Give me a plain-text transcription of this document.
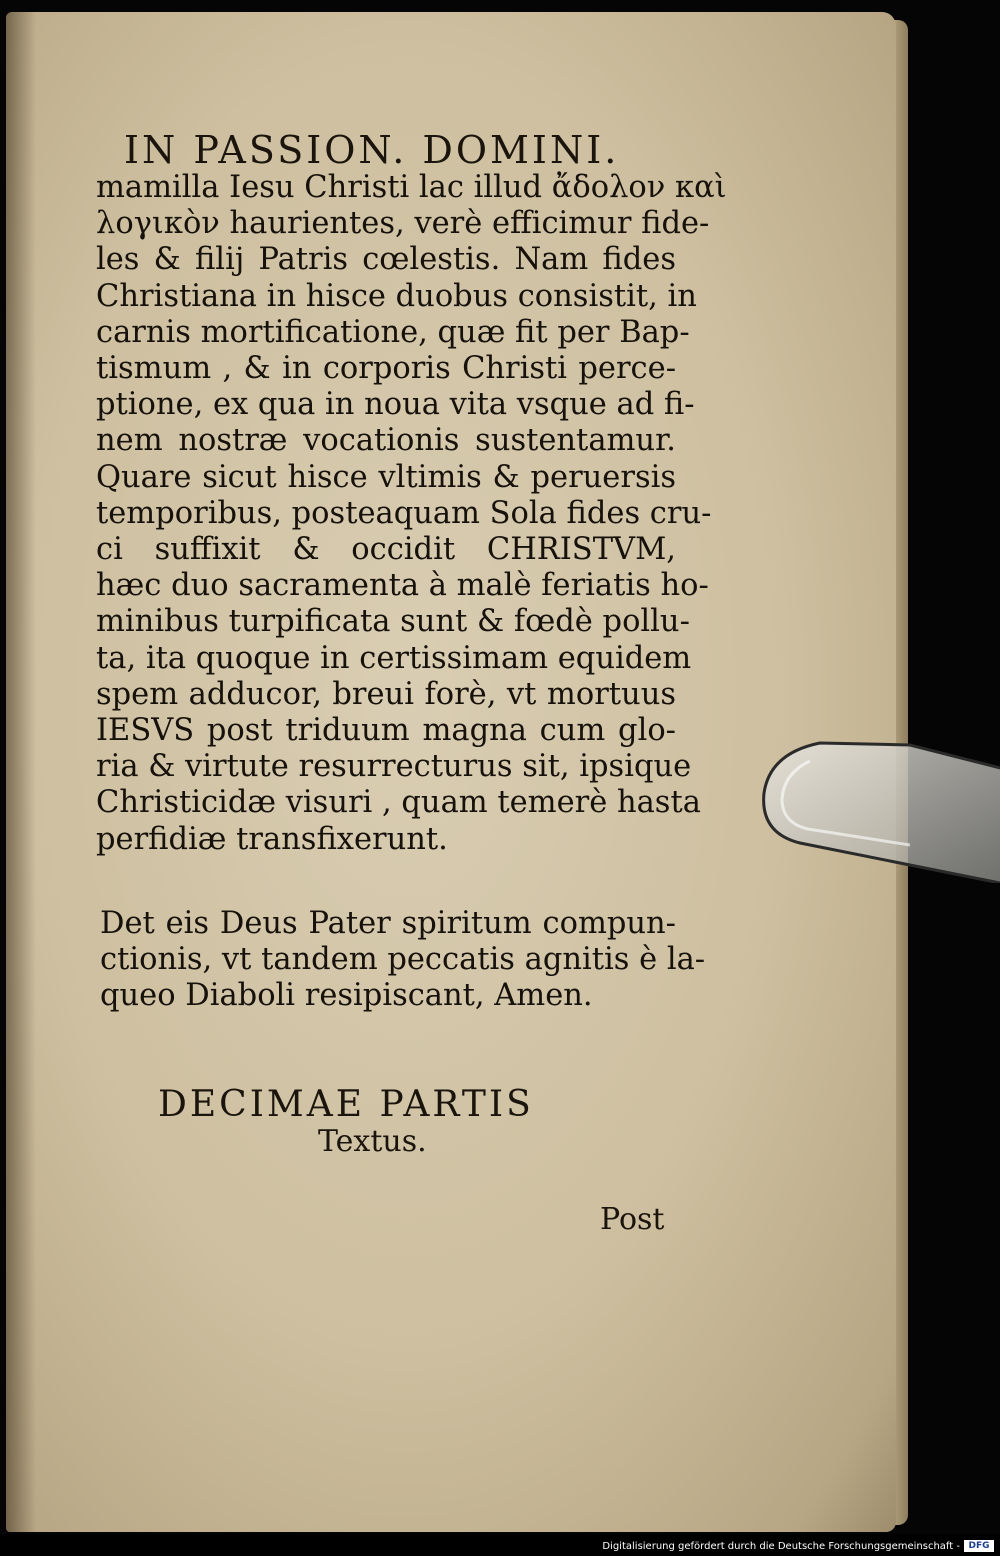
IN PASSION. DOMINI.
mamilla Iesu Christi lac illud ἄδολον καὶ
λογικὸν haurientes, verè efficimur fide-
les & filij Patris cœlestis. Nam fides
Christiana in hisce duobus consistit, in
carnis mortificatione, quæ fit per Bap-
tismum , & in corporis Christi perce-
ptione, ex qua in noua vita vsque ad fi-
nem nostræ vocationis sustentamur.
Quare sicut hisce vltimis & peruersis
temporibus, posteaquam Sola fides cru-
ci suffixit & occidit CHRISTVM,
hæc duo sacramenta à malè feriatis ho-
minibus turpificata sunt & fœdè pollu-
ta, ita quoque in certissimam equidem
spem adducor, breui forè, vt mortuus
IESVS post triduum magna cum glo-
ria & virtute resurrecturus sit, ipsique
Christicidæ visuri , quam temerè hasta
perfidiæ transfixerunt.
Det eis Deus Pater spiritum compun-
ctionis, vt tandem peccatis agnitis è la-
queo Diaboli resipiscant, Amen.
DECIMAE PARTIS
Textus.
Post
Digitalisierung gefördert durch die Deutsche Forschungsgemeinschaft - DFG
